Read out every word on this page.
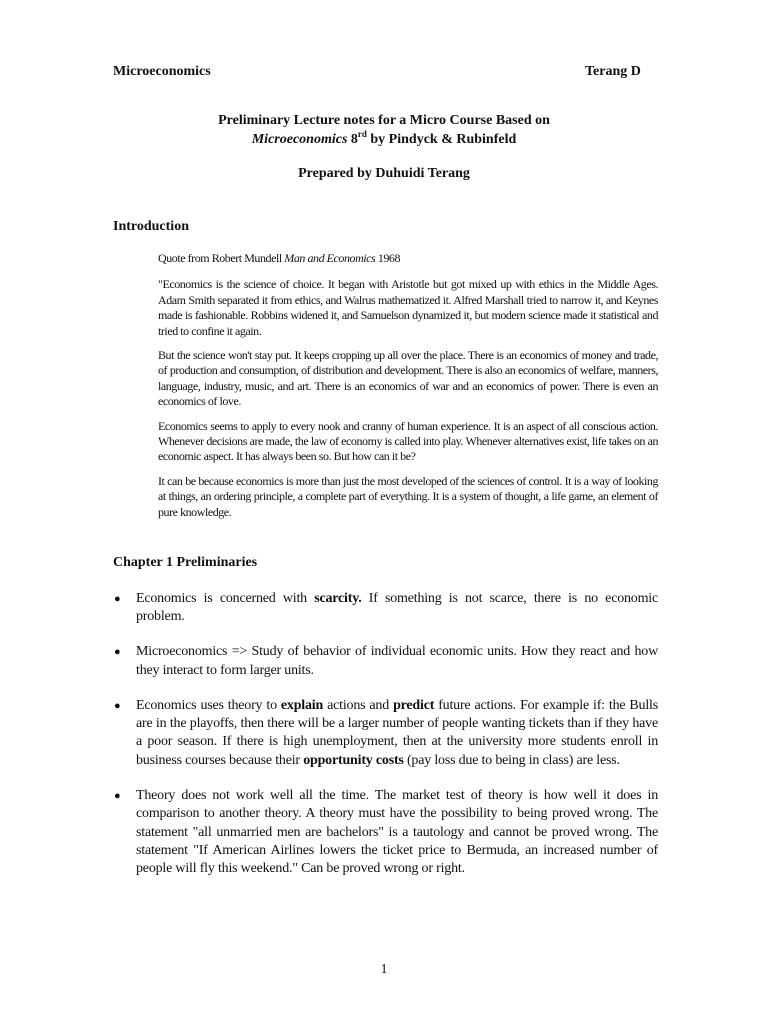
Microeconomics	Terang D
Preliminary Lecture notes for a Micro Course Based on
Microeconomics 8rd by Pindyck & Rubinfeld
Prepared by Duhuidi Terang
Introduction

Quote from Robert Mundell Man and Economics 1968

"Economics is the science of choice. It began with Aristotle but got mixed up with ethics in the Middle Ages. Adam Smith separated it from ethics, and Walrus mathematized it. Alfred Marshall tried to narrow it, and Keynes made is fashionable. Robbins widened it, and Samuelson dynamized it, but modern science made it statistical and tried to confine it again.

But the science won't stay put. It keeps cropping up all over the place. There is an economics of money and trade, of production and consumption, of distribution and development. There is also an economics of welfare, manners, language, industry, music, and art. There is an economics of war and an economics of power. There is even an economics of love.

Economics seems to apply to every nook and cranny of human experience. It is an aspect of all conscious action. Whenever decisions are made, the law of economy is called into play. Whenever alternatives exist, life takes on an economic aspect. It has always been so. But how can it be?

It can be because economics is more than just the most developed of the sciences of control. It is a way of looking at things, an ordering principle, a complete part of everything. It is a system of thought, a life game, an element of pure knowledge.

Chapter 1 Preliminaries
● Economics is concerned with scarcity. If something is not scarce, there is no economic problem.
● Microeconomics => Study of behavior of individual economic units. How they react and how they interact to form larger units.
● Economics uses theory to explain actions and predict future actions. For example if: the Bulls are in the playoffs, then there will be a larger number of people wanting tickets than if they have a poor season. If there is high unemployment, then at the university more students enroll in business courses because their opportunity costs (pay loss due to being in class) are less.
● Theory does not work well all the time. The market test of theory is how well it does in comparison to another theory. A theory must have the possibility to being proved wrong. The statement "all unmarried men are bachelors" is a tautology and cannot be proved wrong. The statement "If American Airlines lowers the ticket price to Bermuda, an increased number of people will fly this weekend." Can be proved wrong or right.
1
